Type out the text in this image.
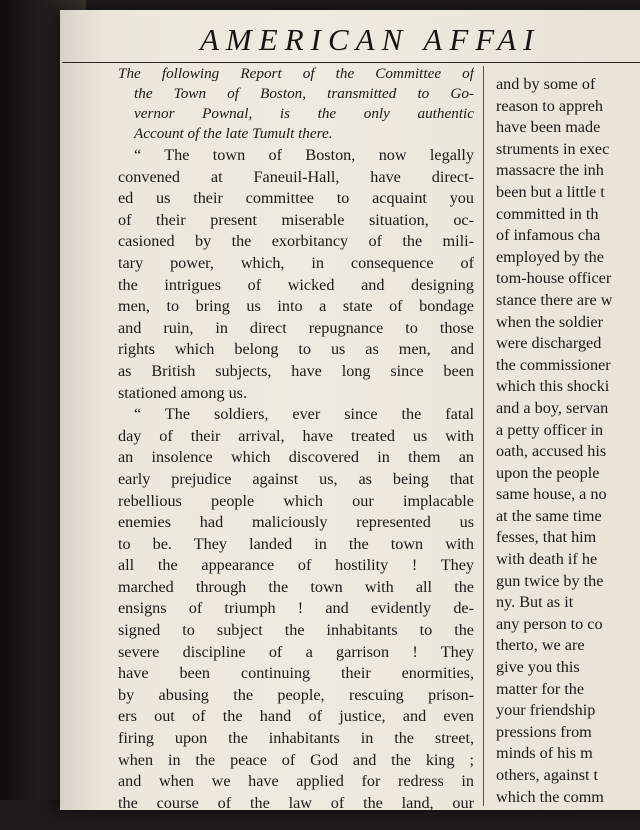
AMERICAN AFFAI
The following Report of the Committee of
the Town of Boston, transmitted to Go-
vernor Pownal, is the only authentic
Account of the late Tumult there.
“ The town of Boston, now legally
convened at Faneuil-Hall, have direct-
ed us their committee to acquaint you
of their present miserable situation, oc-
casioned by the exorbitancy of the mili-
tary power, which, in consequence of
the intrigues of wicked and designing
men, to bring us into a state of bondage
and ruin, in direct repugnance to those
rights which belong to us as men, and
as British subjects, have long since been
stationed among us.
“ The soldiers, ever since the fatal
day of their arrival, have treated us with
an insolence which discovered in them an
early prejudice against us, as being that
rebellious people which our implacable
enemies had maliciously represented us
to be. They landed in the town with
all the appearance of hostility ! They
marched through the town with all the
ensigns of triumph ! and evidently de-
signed to subject the inhabitants to the
severe discipline of a garrison ! They
have been continuing their enormities,
by abusing the people, rescuing prison-
ers out of the hand of justice, and even
firing upon the inhabitants in the street,
when in the peace of God and the king ;
and when we have applied for redress in
the course of the law of the land, our
and by some of
reason to appreh
have been made
struments in exec
massacre the inh
been but a little t
committed in th
of infamous cha
employed by the
tom-house officer
stance there are w
when the soldier
were discharged
the commissioner
which this shocki
and a boy, servan
a petty officer in
oath, accused his
upon the people
same house, a no
at the same time
fesses, that him
with death if he
gun twice by the
ny. But as it
any person to co
therto, we are
give you this
matter for the
your friendship
pressions from
minds of his m
others, against t
which the comm
and others our
